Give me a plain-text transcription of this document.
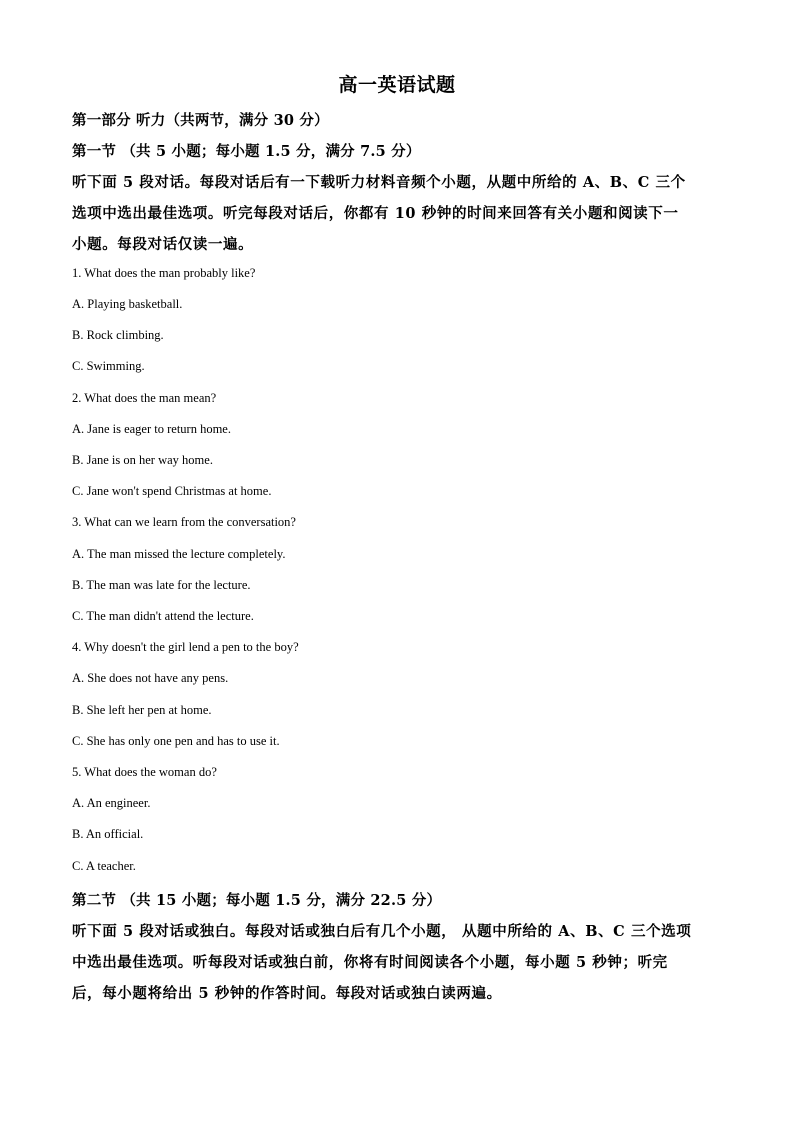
高一英语试题
第一部分 听力（共两节，满分 30 分）
第一节 （共 5 小题；每小题 1.5 分，满分 7.5 分）
听下面 5 段对话。每段对话后有一下载听力材料音频个小题，从题中所给的 A、B、C 三个
选项中选出最佳选项。听完每段对话后，你都有 10 秒钟的时间来回答有关小题和阅读下一
小题。每段对话仅读一遍。
1. What does the man probably like?
A. Playing basketball.
B. Rock climbing.
C. Swimming.
2. What does the man mean?
A. Jane is eager to return home.
B. Jane is on her way home.
C. Jane won't spend Christmas at home.
3. What can we learn from the conversation?
A. The man missed the lecture completely.
B. The man was late for the lecture.
C. The man didn't attend the lecture.
4. Why doesn't the girl lend a pen to the boy?
A. She does not have any pens.
B. She left her pen at home.
C. She has only one pen and has to use it.
5. What does the woman do?
A. An engineer.
B. An official.
C. A teacher.
第二节 （共 15 小题；每小题 1.5 分，满分 22.5 分）
听下面 5 段对话或独白。每段对话或独白后有几个小题， 从题中所给的 A、B、C 三个选项
中选出最佳选项。听每段对话或独白前，你将有时间阅读各个小题，每小题 5 秒钟；听完
后，每小题将给出 5 秒钟的作答时间。每段对话或独白读两遍。
